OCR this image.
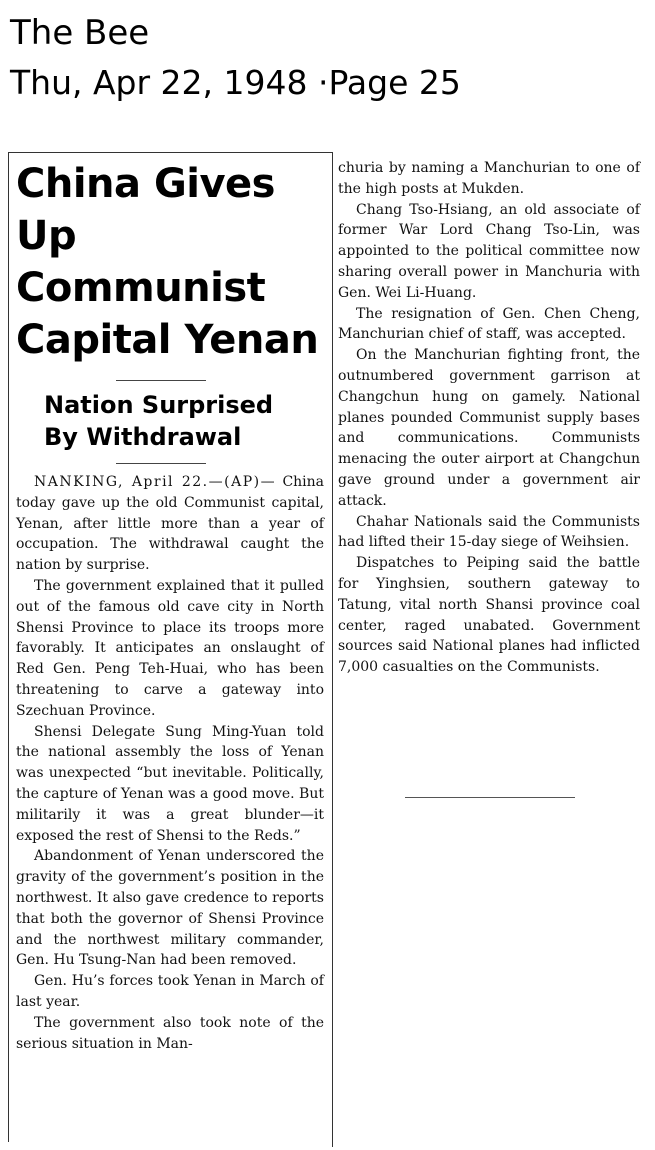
The Bee
Thu, Apr 22, 1948 ·Page 25
China Gives
Up Communist
Capital Yenan
Nation Surprised
By Withdrawal

NANKING, April 22.—(AP)— China today gave up the old Communist capital, Yenan, after little more than a year of occupation. The withdrawal caught the nation by surprise.

The government explained that it pulled out of the famous old cave city in North Shensi Province to place its troops more favorably. It anticipates an onslaught of Red Gen. Peng Teh-Huai, who has been threatening to carve a gateway into Szechuan Province.

Shensi Delegate Sung Ming-Yuan told the national assembly the loss of Yenan was unexpected “but inevitable. Politically, the capture of Yenan was a good move. But militarily it was a great blunder—it exposed the rest of Shensi to the Reds.”

Abandonment of Yenan underscored the gravity of the government’s position in the northwest. It also gave credence to reports that both the governor of Shensi Province and the northwest military commander, Gen. Hu Tsung-Nan had been removed.

Gen. Hu’s forces took Yenan in March of last year.

The government also took note of the serious situation in Man-

churia by naming a Manchurian to one of the high posts at Mukden.

Chang Tso-Hsiang, an old associate of former War Lord Chang Tso-Lin, was appointed to the political committee now sharing overall power in Manchuria with Gen. Wei Li-Huang.

The resignation of Gen. Chen Cheng, Manchurian chief of staff, was accepted.

On the Manchurian fighting front, the outnumbered government garrison at Changchun hung on gamely. National planes pounded Communist supply bases and communications. Communists menacing the outer airport at Changchun gave ground under a government air attack.

Chahar Nationals said the Communists had lifted their 15-day siege of Weihsien.

Dispatches to Peiping said the battle for Yinghsien, southern gateway to Tatung, vital north Shansi province coal center, raged unabated. Government sources said National planes had inflicted 7,000 casualties on the Communists.
